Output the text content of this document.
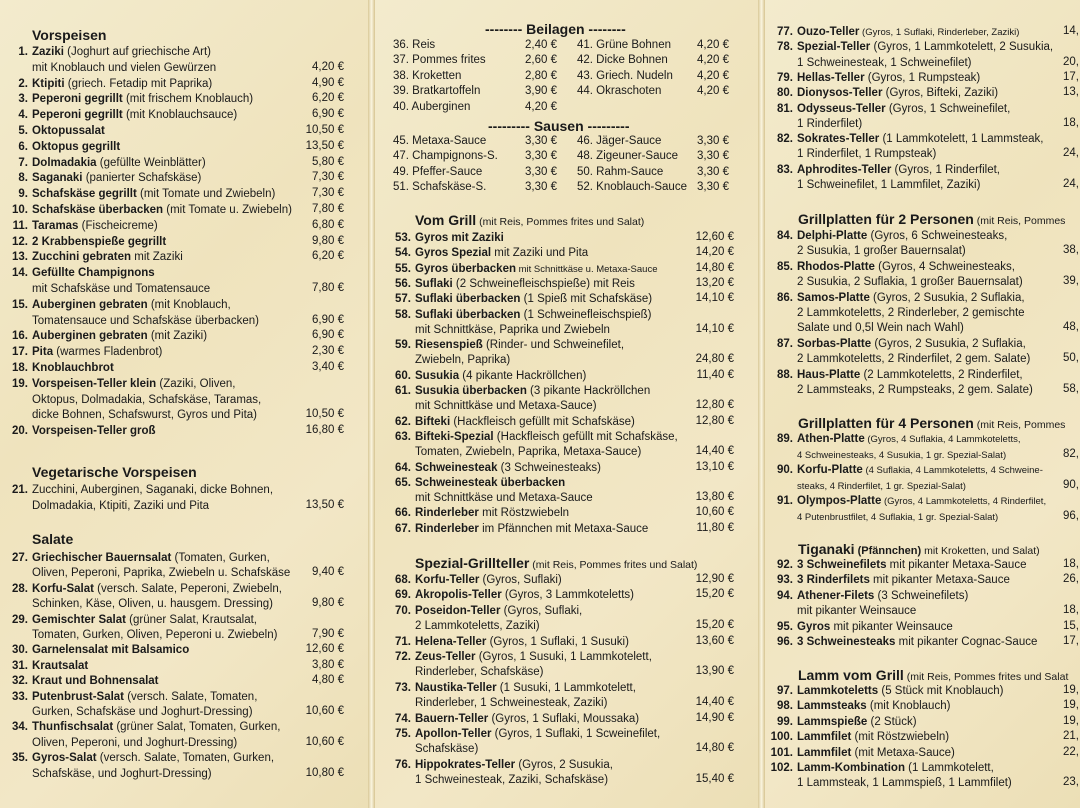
Vorspeisen
1. Zaziki (Joghurt auf griechische Art)
mit Knoblauch und vielen Gewürzen	4,20 €
2. Ktipiti (griech. Fetadip mit Paprika)	4,90 €
3. Peperoni gegrillt (mit frischem Knoblauch)	6,20 €
4. Peperoni gegrillt (mit Knoblauchsauce)	6,90 €
5. Oktopussalat	10,50 €
6. Oktopus gegrillt	13,50 €
7. Dolmadakia (gefüllte Weinblätter)	5,80 €
8. Saganaki (panierter Schafskäse)	7,30 €
9. Schafskäse gegrillt (mit Tomate und Zwiebeln)	7,30 €
10. Schafskäse überbacken (mit Tomate u. Zwiebeln) 7,80 €
11. Taramas (Fischeicreme)	6,80 €
12. 2 Krabbenspieße gegrillt	9,80 €
13. Zucchini gebraten mit Zaziki	6,20 €
14. Gefüllte Champignons
mit Schafskäse und Tomatensauce	7,80 €
15. Auberginen gebraten (mit Knoblauch,
Tomatensauce und Schafskäse überbacken)	6,90 €
16. Auberginen gebraten (mit Zaziki)	6,90 €
17. Pita (warmes Fladenbrot)	2,30 €
18. Knoblauchbrot	3,40 €
19. Vorspeisen-Teller klein (Zaziki, Oliven,
Oktopus, Dolmadakia, Schafskäse, Taramas,
dicke Bohnen, Schafswurst, Gyros und Pita)	10,50 €
20. Vorspeisen-Teller groß	16,80 €
Vegetarische Vorspeisen
21. Zucchini, Auberginen, Saganaki, dicke Bohnen,
Dolmadakia, Ktipiti, Zaziki und Pita	13,50 €
Salate
27. Griechischer Bauernsalat (Tomaten, Gurken,
Oliven, Peperoni, Paprika, Zwiebeln u. Schafskäse 9,40 €
28. Korfu-Salat (versch. Salate, Peperoni, Zwiebeln,
Schinken, Käse, Oliven, u. hausgem. Dressing)	9,80 €
29. Gemischter Salat (grüner Salat, Krautsalat,
Tomaten, Gurken, Oliven, Peperoni u. Zwiebeln)	7,90 €
30. Garnelensalat mit Balsamico	12,60 €
31. Krautsalat	3,80 €
32. Kraut und Bohnensalat	4,80 €
33. Putenbrust-Salat (versch. Salate, Tomaten,
Gurken, Schafskäse und Joghurt-Dressing)	10,60 €
34. Thunfischsalat (grüner Salat, Tomaten, Gurken,
Oliven, Peperoni, und Joghurt-Dressing)	10,60 €
35. Gyros-Salat (versch. Salate, Tomaten, Gurken,
Schafskäse, und Joghurt-Dressing)	10,80 €
-------- Beilagen --------
36. Reis	2,40 € 41. Grüne Bohnen 4,20 €
37. Pommes frites	2,60 € 42. Dicke Bohnen	4,20 €
38. Kroketten	2,80 € 43. Griech. Nudeln 4,20 €
39. Bratkartoffeln	3,90 € 44. Okraschoten	4,20 €
40. Auberginen	4,20 €
--------- Sausen ---------
45. Metaxa-Sauce	3,30 € 46. Jäger-Sauce	3,30 €
47. Champignons-S. 3,30 € 48. Zigeuner-Sauce 3,30 €
49. Pfeffer-Sauce	3,30 € 50. Rahm-Sauce	3,30 €
51. Schafskäse-S.	3,30 € 52. Knoblauch-Sauce 3,30 €
Vom Grill (mit Reis, Pommes frites und Salat)
53. Gyros mit Zaziki	12,60 €
54. Gyros Spezial mit Zaziki und Pita	14,20 €
55. Gyros überbacken mit Schnittkäse u. Metaxa-Sauce	14,80 €
56. Suflaki (2 Schweinefleischspieße) mit Reis	13,20 €
57. Suflaki überbacken (1 Spieß mit Schafskäse)	14,10 €
58. Suflaki überbacken (1 Schweinefleischspieß)
mit Schnittkäse, Paprika und Zwiebeln	14,10 €
59. Riesenspieß (Rinder- und Schweinefilet,
Zwiebeln, Paprika)	24,80 €
60. Susukia (4 pikante Hackröllchen)	11,40 €
61. Susukia überbacken (3 pikante Hackröllchen
mit Schnittkäse und Metaxa-Sauce)	12,80 €
62. Bifteki (Hackfleisch gefüllt mit Schafskäse)	12,80 €
63. Bifteki-Spezial (Hackfleisch gefüllt mit Schafskäse,
Tomaten, Zwiebeln, Paprika, Metaxa-Sauce)	14,40 €
64. Schweinesteak (3 Schweinesteaks)	13,10 €
65. Schweinesteak überbacken
mit Schnittkäse und Metaxa-Sauce	13,80 €
66. Rinderleber mit Röstzwiebeln	10,60 €
67. Rinderleber im Pfännchen mit Metaxa-Sauce	11,80 €
Spezial-Grillteller (mit Reis, Pommes frites und Salat)
68. Korfu-Teller (Gyros, Suflaki)	12,90 €
69. Akropolis-Teller (Gyros, 3 Lammkoteletts)	15,20 €
70. Poseidon-Teller (Gyros, Suflaki,
2 Lammkoteletts, Zaziki)	15,20 €
71. Helena-Teller (Gyros, 1 Suflaki, 1 Susuki)	13,60 €
72. Zeus-Teller (Gyros, 1 Susuki, 1 Lammkotelett,
Rinderleber, Schafskäse)	13,90 €
73. Naustika-Teller (1 Susuki, 1 Lammkotelett,
Rinderleber, 1 Schweinesteak, Zaziki)	14,40 €
74. Bauern-Teller (Gyros, 1 Suflaki, Moussaka)	14,90 €
75. Apollon-Teller (Gyros, 1 Suflaki, 1 Scweinefilet,
Schafskäse)	14,80 €
76. Hippokrates-Teller (Gyros, 2 Susukia,
1 Schweinesteak, Zaziki, Schafskäse)	15,40 €
77. Ouzo-Teller (Gyros, 1 Suflaki, Rinderleber, Zaziki)	14,
78. Spezial-Teller (Gyros, 1 Lammkotelett, 2 Susukia,
1 Schweinesteak, 1 Schweinefilet)	20,
79. Hellas-Teller (Gyros, 1 Rumpsteak)	17,
80. Dionysos-Teller (Gyros, Bifteki, Zaziki)	13,
81. Odysseus-Teller (Gyros, 1 Schweinefilet,
1 Rinderfilet)	18,
82. Sokrates-Teller (1 Lammkotelett, 1 Lammsteak,
1 Rinderfilet, 1 Rumpsteak)	24,
83. Aphrodites-Teller (Gyros, 1 Rinderfilet,
1 Schweinefilet, 1 Lammfilet, Zaziki)	24,
Grillplatten für 2 Personen (mit Reis, Pommes
84. Delphi-Platte (Gyros, 6 Schweinesteaks,
2 Susukia, 1 großer Bauernsalat)	38,
85. Rhodos-Platte (Gyros, 4 Schweinesteaks,
2 Susukia, 2 Suflakia, 1 großer Bauernsalat)	39,
86. Samos-Platte (Gyros, 2 Susukia, 2 Suflakia,
2 Lammkoteletts, 2 Rinderleber, 2 gemischte
Salate und 0,5l Wein nach Wahl)	48,
87. Sorbas-Platte (Gyros, 2 Susukia, 2 Suflakia,
2 Lammkoteletts, 2 Rinderfilet, 2 gem. Salate)	50,
88. Haus-Platte (2 Lammkoteletts, 2 Rinderfilet,
2 Lammsteaks, 2 Rumpsteaks, 2 gem. Salate)	58,
Grillplatten für 4 Personen (mit Reis, Pommes
89. Athen-Platte (Gyros, 4 Suflakia, 4 Lammkoteletts,
4 Schweinesteaks, 4 Susukia, 1 gr. Spezial-Salat)	82,
90. Korfu-Platte (4 Suflakia, 4 Lammkoteletts, 4 Schweine-
steaks, 4 Rinderfilet, 1 gr. Spezial-Salat)	90,
91. Olympos-Platte (Gyros, 4 Lammkoteletts, 4 Rinderfilet,
4 Putenbrustfilet, 4 Suflakia, 1 gr. Spezial-Salat)	96,
Tiganaki (Pfännchen) mit Kroketten, und Salat)
92. 3 Schweinefilets mit pikanter Metaxa-Sauce	18,
93. 3 Rinderfilets mit pikanter Metaxa-Sauce	26,
94. Athener-Filets (3 Schweinefilets)
mit pikanter Weinsauce	18,
95. Gyros mit pikanter Weinsauce	15,
96. 3 Schweinesteaks mit pikanter Cognac-Sauce 17,
Lamm vom Grill (mit Reis, Pommes frites und Salat
97. Lammkoteletts (5 Stück mit Knoblauch)	19,
98. Lammsteaks (mit Knoblauch)	19,
99. Lammspieße (2 Stück)	19,
100. Lammfilet (mit Röstzwiebeln)	21,
101. Lammfilet (mit Metaxa-Sauce)	22,
102. Lamm-Kombination (1 Lammkotelett,
1 Lammsteak, 1 Lammspieß, 1 Lammfilet)	23,
